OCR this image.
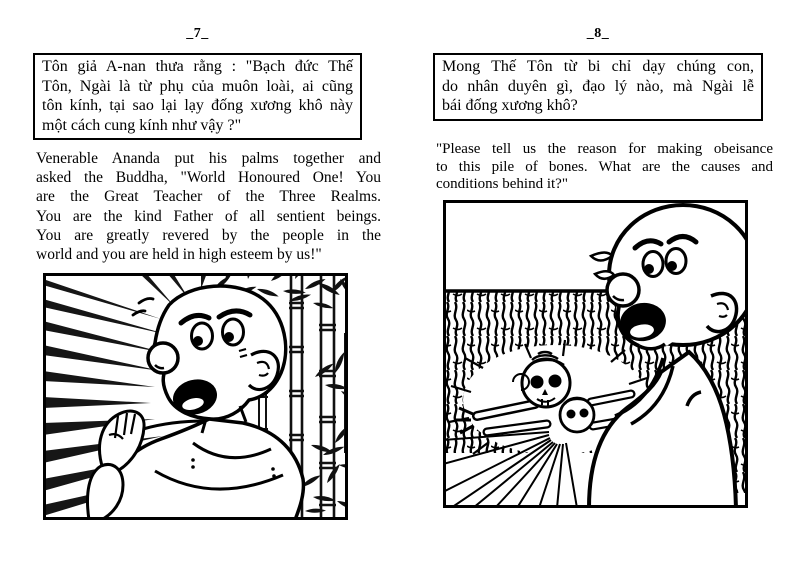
_7_
Tôn giả A-nan thưa rằng : "Bạch đức Thế
Tôn, Ngài là từ phụ của muôn loài, ai cũng
tôn kính, tại sao lại lạy đống xương khô này
một cách cung kính như vậy ?"
Venerable Ananda put his palms together and
asked the Buddha, "World Honoured One! You
are the Great Teacher of the Three Realms.
You are the kind Father of all sentient beings.
You are greatly revered by the people in the
world and you are held in high esteem by us!"
_8_
Mong Thế Tôn từ bi chỉ dạy chúng con,
do nhân duyên gì, đạo lý nào, mà Ngài lễ
bái đống xương khô?
"Please tell us the reason for making obeisance
to this pile of bones. What are the causes and
conditions behind it?"
